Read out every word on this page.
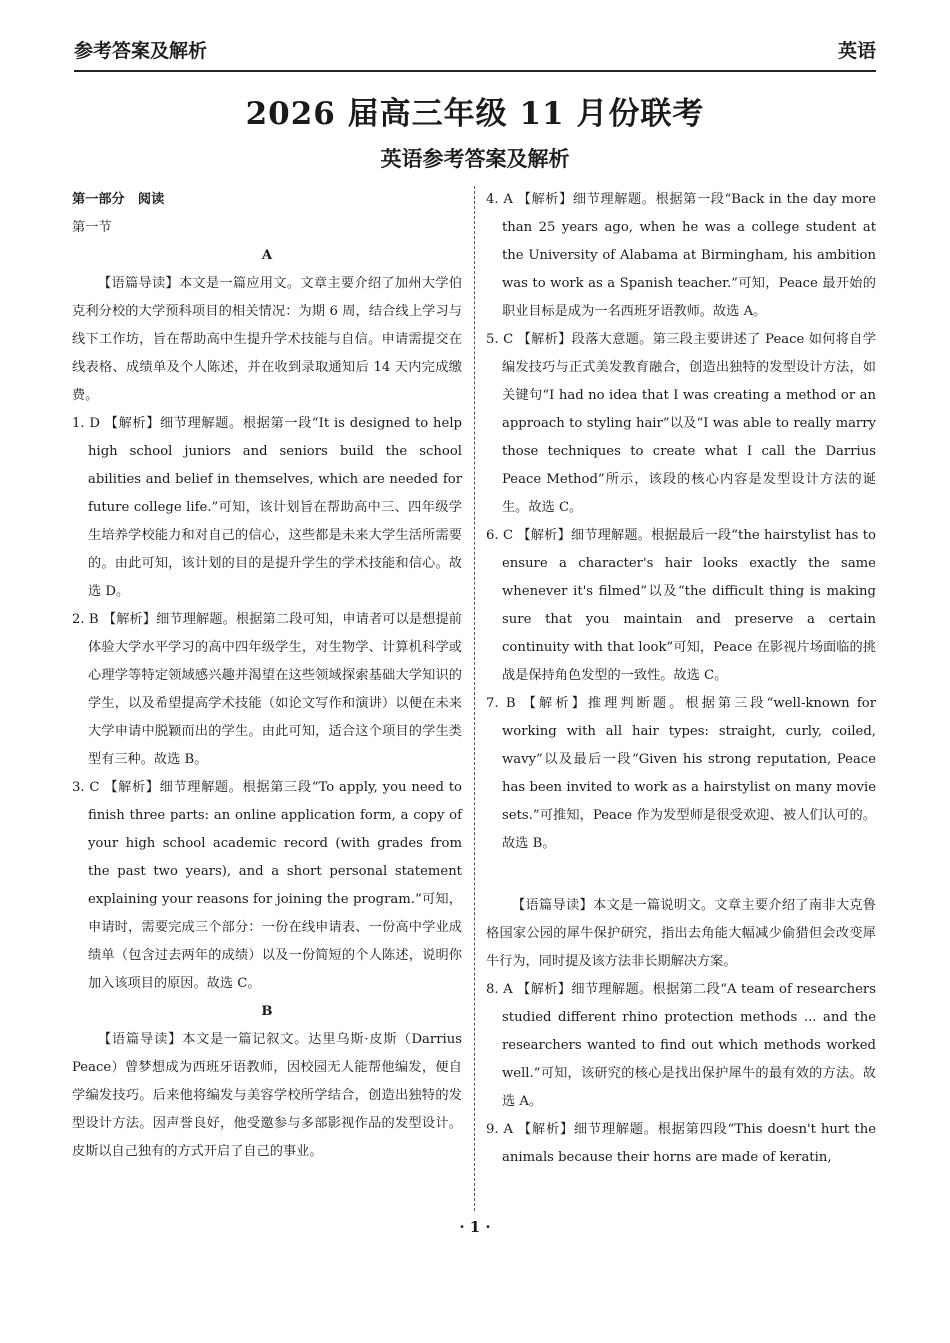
参考答案及解析	英语
2026 届高三年级 11 月份联考
英语参考答案及解析

第一部分　阅读

第一节

A

【语篇导读】本文是一篇应用文。文章主要介绍了加州大学伯克利分校的大学预科项目的相关情况：为期 6 周，结合线上学习与线下工作坊，旨在帮助高中生提升学术技能与自信。申请需提交在线表格、成绩单及个人陈述，并在收到录取通知后 14 天内完成缴费。

1. D 【解析】细节理解题。根据第一段“It is designed to help high school juniors and seniors build the school abilities and belief in themselves, which are needed for future college life.”可知，该计划旨在帮助高中三、四年级学生培养学校能力和对自己的信心，这些都是未来大学生活所需要的。由此可知，该计划的目的是提升学生的学术技能和信心。故选 D。

2. B 【解析】细节理解题。根据第二段可知，申请者可以是想提前体验大学水平学习的高中四年级学生，对生物学、计算机科学或心理学等特定领域感兴趣并渴望在这些领域探索基础大学知识的学生，以及希望提高学术技能（如论文写作和演讲）以便在未来大学申请中脱颖而出的学生。由此可知，适合这个项目的学生类型有三种。故选 B。

3. C 【解析】细节理解题。根据第三段“To apply, you need to finish three parts: an online application form, a copy of your high school academic record (with grades from the past two years), and a short personal statement explaining your reasons for joining the program.”可知，申请时，需要完成三个部分：一份在线申请表、一份高中学业成绩单（包含过去两年的成绩）以及一份简短的个人陈述，说明你加入该项目的原因。故选 C。

B

【语篇导读】本文是一篇记叙文。达里乌斯·皮斯（Darrius Peace）曾梦想成为西班牙语教师，因校园无人能帮他编发，便自学编发技巧。后来他将编发与美容学校所学结合，创造出独特的发型设计方法。因声誉良好，他受邀参与多部影视作品的发型设计。皮斯以自己独有的方式开启了自己的事业。

4. A 【解析】细节理解题。根据第一段“Back in the day more than 25 years ago, when he was a college student at the University of Alabama at Birmingham, his ambition was to work as a Spanish teacher.”可知，Peace 最开始的职业目标是成为一名西班牙语教师。故选 A。

5. C 【解析】段落大意题。第三段主要讲述了 Peace 如何将自学编发技巧与正式美发教育融合，创造出独特的发型设计方法，如关键句“I had no idea that I was creating a method or an approach to styling hair”以及“I was able to really marry those techniques to create what I call the Darrius Peace Method”所示，该段的核心内容是发型设计方法的诞生。故选 C。

6. C 【解析】细节理解题。根据最后一段“the hairstylist has to ensure a character's hair looks exactly the same whenever it's filmed”以及“the difficult thing is making sure that you maintain and preserve a certain continuity with that look”可知，Peace 在影视片场面临的挑战是保持角色发型的一致性。故选 C。

7. B 【解析】推理判断题。根据第三段“well-known for working with all hair types: straight, curly, coiled, wavy”以及最后一段“Given his strong reputation, Peace has been invited to work as a hairstylist on many movie sets.”可推知，Peace 作为发型师是很受欢迎、被人们认可的。故选 B。

【语篇导读】本文是一篇说明文。文章主要介绍了南非大克鲁格国家公园的犀牛保护研究，指出去角能大幅减少偷猎但会改变犀牛行为，同时提及该方法非长期解决方案。

8. A 【解析】细节理解题。根据第二段“A team of researchers studied different rhino protection methods ... and the researchers wanted to find out which methods worked well.”可知，该研究的核心是找出保护犀牛的最有效的方法。故选 A。

9. A 【解析】细节理解题。根据第四段“This doesn't hurt the animals because their horns are made of keratin,

· 1 ·
